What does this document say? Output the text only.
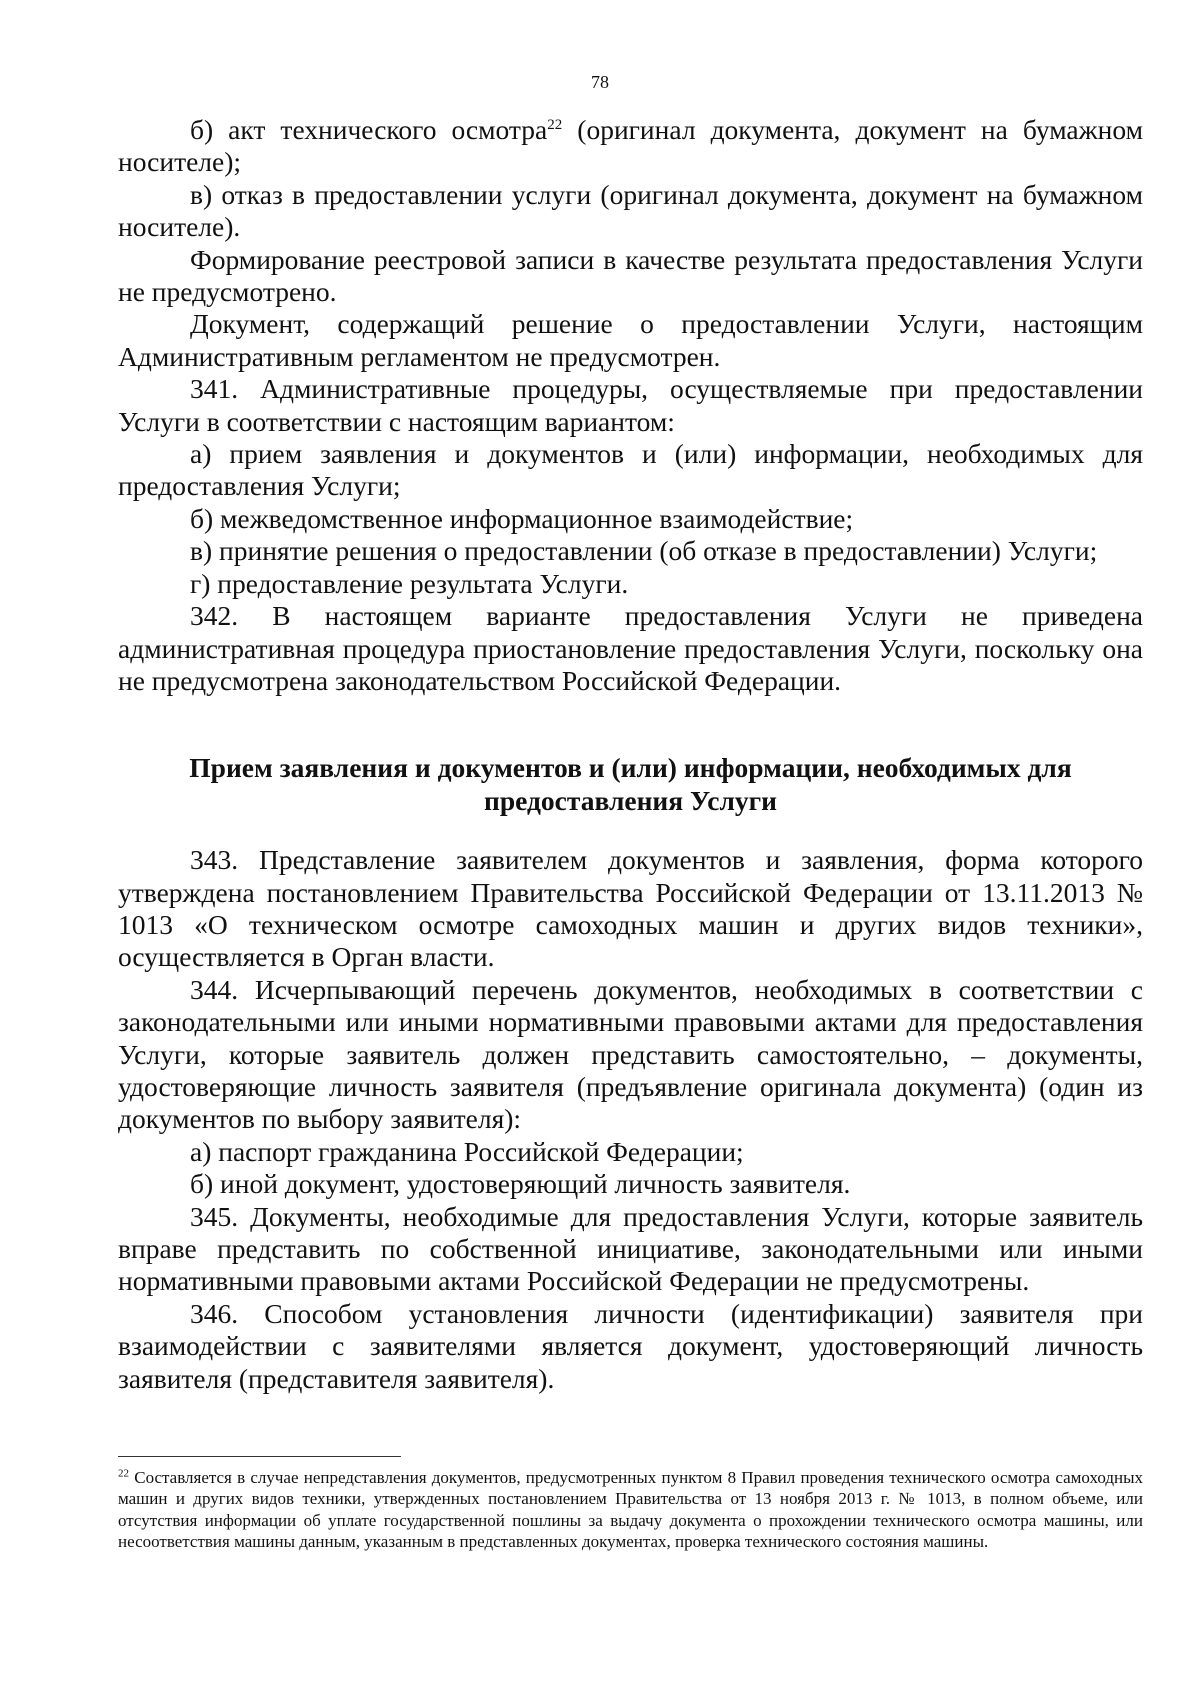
78

б) акт технического осмотра$^{22}$ (оригинал документа, документ на бумажном носителе);

в) отказ в предоставлении услуги (оригинал документа, документ на бумажном носителе).

Формирование реестровой записи в качестве результата предоставления Услуги не предусмотрено.

Документ, содержащий решение о предоставлении Услуги, настоящим Административным регламентом не предусмотрен.

341. Административные процедуры, осуществляемые при предоставлении Услуги в соответствии с настоящим вариантом:

а) прием заявления и документов и (или) информации, необходимых для предоставления Услуги;

б) межведомственное информационное взаимодействие;

в) принятие решения о предоставлении (об отказе в предоставлении) Услуги;

г) предоставление результата Услуги.

342. В настоящем варианте предоставления Услуги не приведена административная процедура приостановление предоставления Услуги, поскольку она не предусмотрена законодательством Российской Федерации.

Прием заявления и документов и (или) информации, необходимых для
предоставления Услуги

343. Представление заявителем документов и заявления, форма которого утверждена постановлением Правительства Российской Федерации от 13.11.2013 № 1013 «О техническом осмотре самоходных машин и других видов техники», осуществляется в Орган власти.

344. Исчерпывающий перечень документов, необходимых в соответствии с законодательными или иными нормативными правовыми актами для предоставления Услуги, которые заявитель должен представить самостоятельно, – документы, удостоверяющие личность заявителя (предъявление оригинала документа) (один из документов по выбору заявителя):

а) паспорт гражданина Российской Федерации;

б) иной документ, удостоверяющий личность заявителя.

345. Документы, необходимые для предоставления Услуги, которые заявитель вправе представить по собственной инициативе, законодательными или иными нормативными правовыми актами Российской Федерации не предусмотрены.

346. Способом установления личности (идентификации) заявителя при взаимодействии с заявителями является документ, удостоверяющий личность заявителя (представителя заявителя).

$^{22}$ Составляется в случае непредставления документов, предусмотренных пунктом 8 Правил проведения технического осмотра самоходных машин и других видов техники, утвержденных постановлением Правительства от 13 ноября 2013 г. № 1013, в полном объеме, или отсутствия информации об уплате государственной пошлины за выдачу документа о прохождении технического осмотра машины, или несоответствия машины данным, указанным в представленных документах, проверка технического состояния машины.
